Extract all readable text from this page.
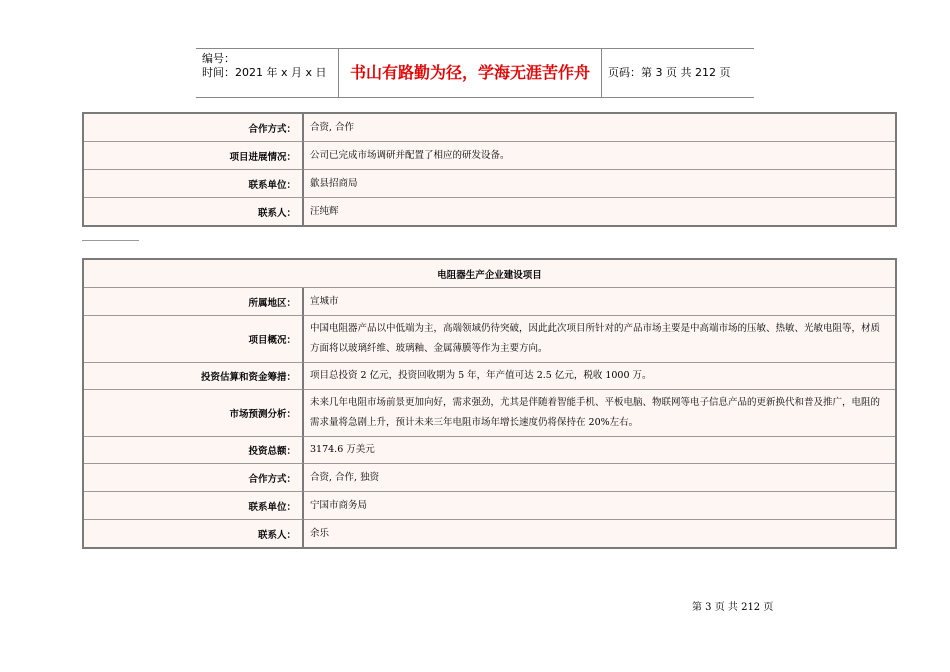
编号：
时间：2021 年 x 月 x 日	书山有路勤为径，学海无涯苦作舟	页码：第 3 页 共 212 页
合作方式：	合资, 合作
项目进展情况：	公司已完成市场调研并配置了相应的研发设备。
联系单位：	歙县招商局
联系人：	汪纯辉
电阻器生产企业建设项目	
所属地区：	宣城市
项目概况：	中国电阻器产品以中低端为主，高端领域仍待突破，因此此次项目所针对的产品市场主要是中高端市场的压敏、热敏、光敏电阻等，材质方面将以玻璃纤维、玻璃釉、金属薄膜等作为主要方向。
投资估算和资金筹措：	项目总投资 2 亿元，投资回收期为 5 年，年产值可达 2.5 亿元，税收 1000 万。
市场预测分析：	未来几年电阻市场前景更加向好，需求强劲，尤其是伴随着智能手机、平板电脑、物联网等电子信息产品的更新换代和普及推广，电阻的需求量将急剧上升，预计未来三年电阻市场年增长速度仍将保持在 20%左右。
投资总额：	3174.6 万美元
合作方式：	合资, 合作, 独资
联系单位：	宁国市商务局
联系人：	余乐
第 3 页 共 212 页
